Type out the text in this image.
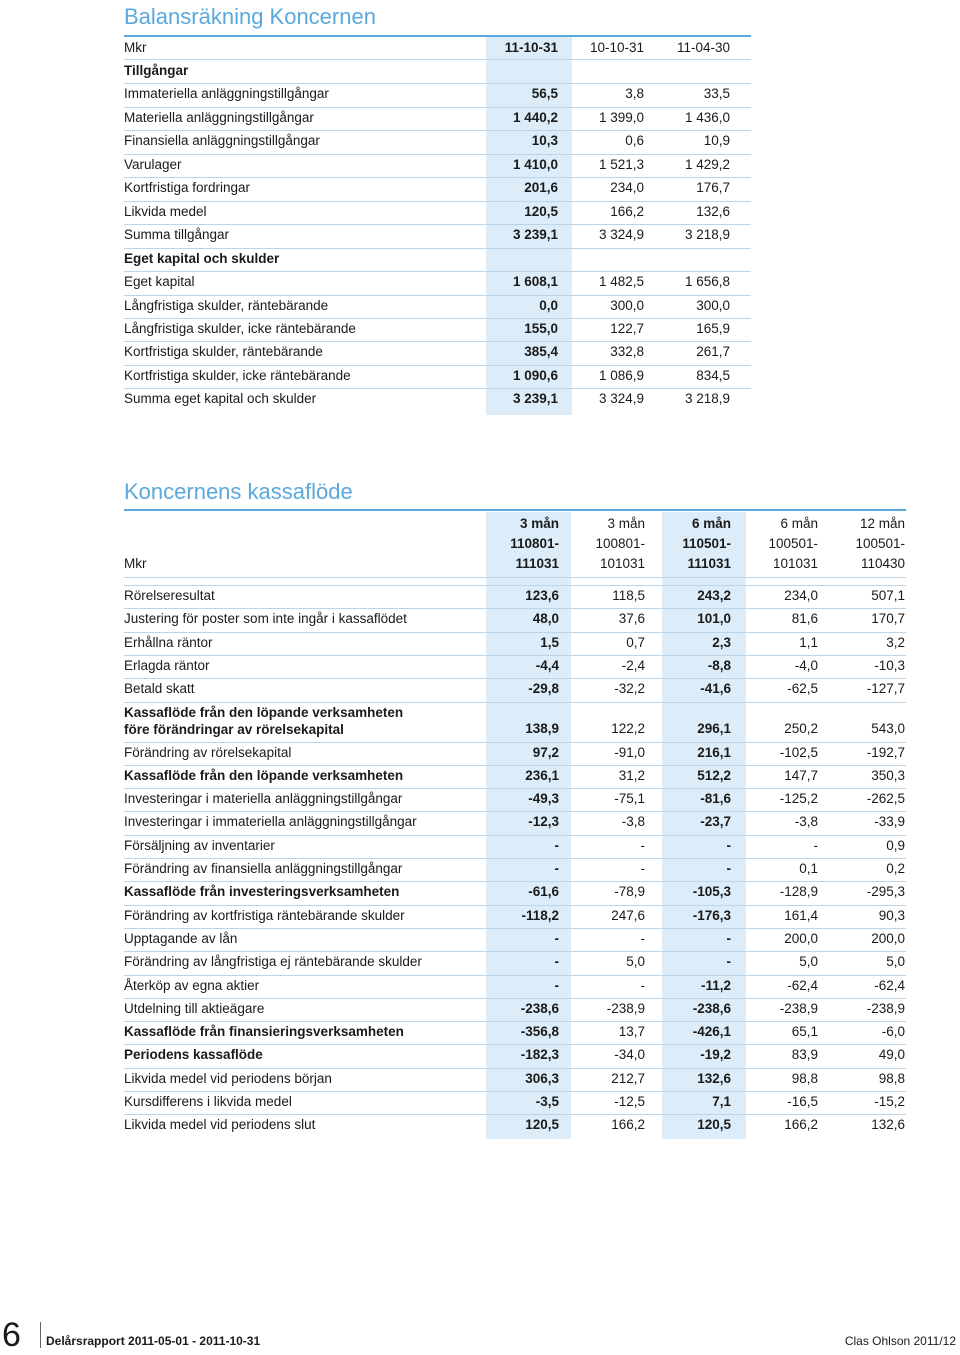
Balansräkning Koncernen
Mkr	11-10-31	10-10-31	11-04-30
Tillgångar
Immateriella anläggningstillgångar	56,5	3,8	33,5
Materiella anläggningstillgångar	1 440,2	1 399,0	1 436,0
Finansiella anläggningstillgångar	10,3	0,6	10,9
Varulager	1 410,0	1 521,3	1 429,2
Kortfristiga fordringar	201,6	234,0	176,7
Likvida medel	120,5	166,2	132,6
Summa tillgångar	3 239,1	3 324,9	3 218,9
Eget kapital och skulder
Eget kapital	1 608,1	1 482,5	1 656,8
Långfristiga skulder, räntebärande	0,0	300,0	300,0
Långfristiga skulder, icke räntebärande	155,0	122,7	165,9
Kortfristiga skulder, räntebärande	385,4	332,8	261,7
Kortfristiga skulder, icke räntebärande	1 090,6	1 086,9	834,5
Summa eget kapital och skulder	3 239,1	3 324,9	3 218,9
Koncernens kassaflöde
3 mån	3 mån	6 mån	6 mån	12 mån
110801-	100801-	110501-	100501-	100501-
111031	101031	111031	101031	110430
Mkr
Rörelseresultat	123,6	118,5	243,2	234,0	507,1
Justering för poster som inte ingår i kassaflödet	48,0	37,6	101,0	81,6	170,7
Erhållna räntor	1,5	0,7	2,3	1,1	3,2
Erlagda räntor	-4,4	-2,4	-8,8	-4,0	-10,3
Betald skatt	-29,8	-32,2	-41,6	-62,5	-127,7
Kassaflöde från den löpande verksamheten
före förändringar av rörelsekapital	138,9	122,2	296,1	250,2	543,0
Förändring av rörelsekapital	97,2	-91,0	216,1	-102,5	-192,7
Kassaflöde från den löpande verksamheten	236,1	31,2	512,2	147,7	350,3
Investeringar i materiella anläggningstillgångar	-49,3	-75,1	-81,6	-125,2	-262,5
Investeringar i immateriella anläggningstillgångar	-12,3	-3,8	-23,7	-3,8	-33,9
Försäljning av inventarier	-	-	-	-	0,9
Förändring av finansiella anläggningstillgångar	-	-	-	0,1	0,2
Kassaflöde från investeringsverksamheten	-61,6	-78,9	-105,3	-128,9	-295,3
Förändring av kortfristiga räntebärande skulder	-118,2	247,6	-176,3	161,4	90,3
Upptagande av lån	-	-	-	200,0	200,0
Förändring av långfristiga ej räntebärande skulder	-	5,0	-	5,0	5,0
Återköp av egna aktier	-	-	-11,2	-62,4	-62,4
Utdelning till aktieägare	-238,6	-238,9	-238,6	-238,9	-238,9
Kassaflöde från finansieringsverksamheten	-356,8	13,7	-426,1	65,1	-6,0
Periodens kassaflöde	-182,3	-34,0	-19,2	83,9	49,0
Likvida medel vid periodens början	306,3	212,7	132,6	98,8	98,8
Kursdifferens i likvida medel	-3,5	-12,5	7,1	-16,5	-15,2
Likvida medel vid periodens slut	120,5	166,2	120,5	166,2	132,6
6 Delårsrapport 2011-05-01 - 2011-10-31	Clas Ohlson 2011/12
